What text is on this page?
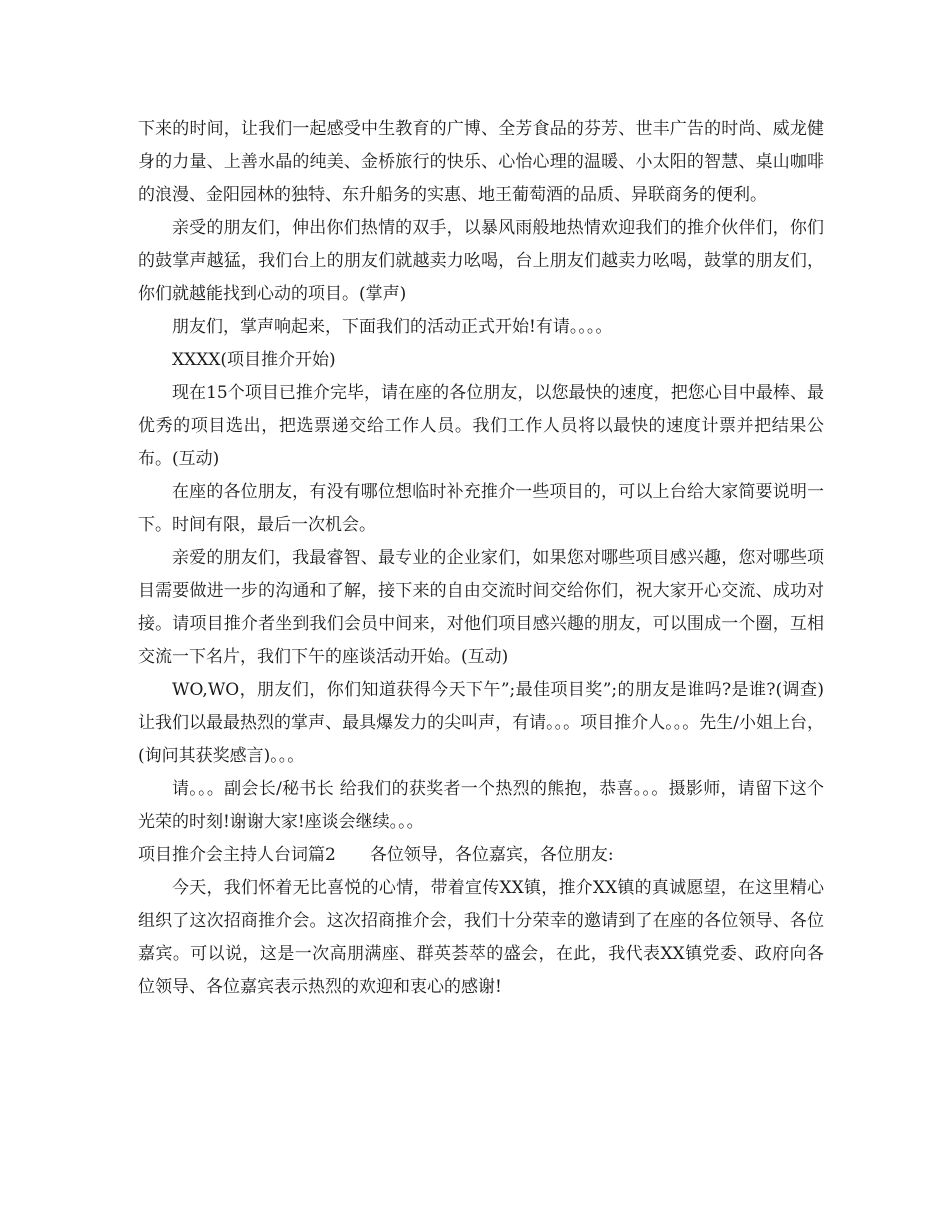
下来的时间，让我们一起感受中生教育的广博、全芳食品的芬芳、世丰广告的时尚、威龙健身的力量、上善水晶的纯美、金桥旅行的快乐、心怡心理的温暖、小太阳的智慧、桌山咖啡的浪漫、金阳园林的独特、东升船务的实惠、地王葡萄酒的品质、异联商务的便利。

亲受的朋友们，伸出你们热情的双手，以暴风雨般地热情欢迎我们的推介伙伴们，你们的鼓掌声越猛，我们台上的朋友们就越卖力吆喝，台上朋友们越卖力吆喝，鼓掌的朋友们，你们就越能找到心动的项目。(掌声)

朋友们，掌声响起来，下面我们的活动正式开始!有请。。。。

XXXX(项目推介开始)

现在15个项目已推介完毕，请在座的各位朋友，以您最快的速度，把您心目中最棒、最优秀的项目选出，把选票递交给工作人员。我们工作人员将以最快的速度计票并把结果公布。(互动)

在座的各位朋友，有没有哪位想临时补充推介一些项目的，可以上台给大家简要说明一下。时间有限，最后一次机会。

亲爱的朋友们，我最睿智、最专业的企业家们，如果您对哪些项目感兴趣，您对哪些项目需要做进一步的沟通和了解，接下来的自由交流时间交给你们，祝大家开心交流、成功对接。请项目推介者坐到我们会员中间来，对他们项目感兴趣的朋友，可以围成一个圈，互相交流一下名片，我们下午的座谈活动开始。(互动)

WO,WO，朋友们，你们知道获得今天下午”;最佳项目奖”;的朋友是谁吗?是谁?(调查) 让我们以最最热烈的掌声、最具爆发力的尖叫声，有请。。。项目推介人。。。先生/小姐上台，(询问其获奖感言)。。。

请。。。副会长/秘书长 给我们的获奖者一个热烈的熊抱，恭喜。。。摄影师，请留下这个光荣的时刻!谢谢大家!座谈会继续。。。

项目推介会主持人台词篇2　　各位领导，各位嘉宾，各位朋友:

今天，我们怀着无比喜悦的心情，带着宣传XX镇，推介XX镇的真诚愿望，在这里精心组织了这次招商推介会。这次招商推介会，我们十分荣幸的邀请到了在座的各位领导、各位嘉宾。可以说，这是一次高朋满座、群英荟萃的盛会，在此，我代表XX镇党委、政府向各位领导、各位嘉宾表示热烈的欢迎和衷心的感谢!
